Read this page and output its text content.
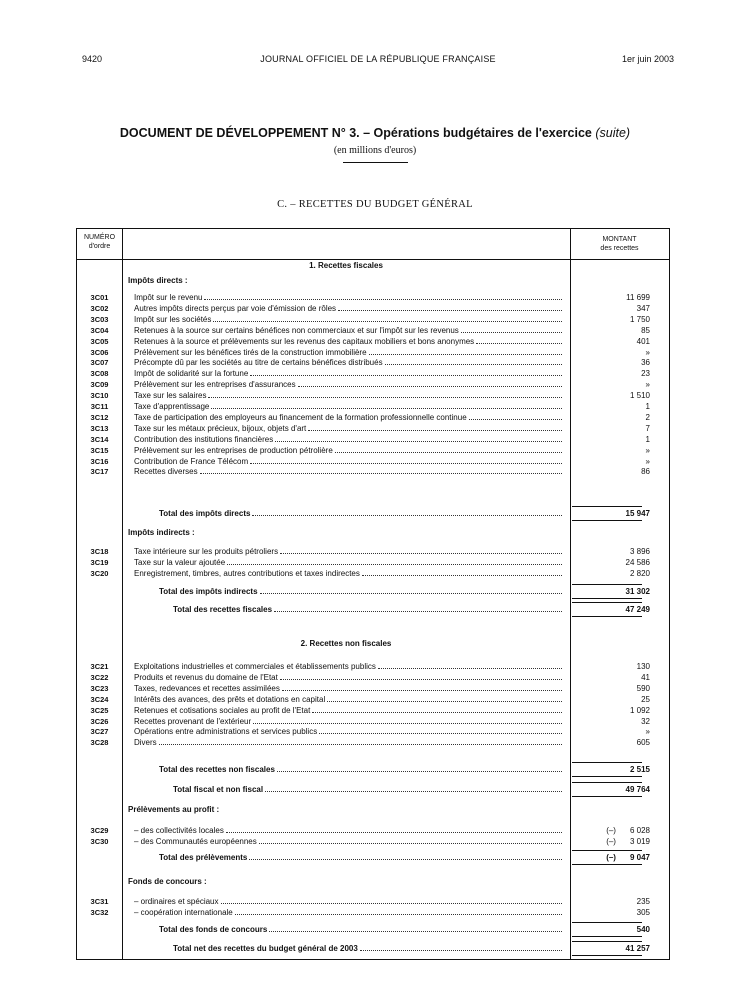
9420	JOURNAL OFFICIEL DE LA RÉPUBLIQUE FRANÇAISE	1er juin 2003
DOCUMENT DE DÉVELOPPEMENT N° 3. – Opérations budgétaires de l'exercice (suite)
(en millions d'euros)
C. – RECETTES DU BUDGET GÉNÉRAL
NUMÉRO
d'ordre
MONTANT
des recettes
1. Recettes fiscales
Impôts directs :
3C01	Impôt sur le revenu	11 699
3C02	Autres impôts directs perçus par voie d'émission de rôles	347
3C03	Impôt sur les sociétés	1 750
3C04	Retenues à la source sur certains bénéfices non commerciaux et sur l'impôt sur les revenus	85
3C05	Retenues à la source et prélèvements sur les revenus des capitaux mobiliers et bons anonymes	401
3C06	Prélèvement sur les bénéfices tirés de la construction immobilière	»
3C07	Précompte dû par les sociétés au titre de certains bénéfices distribués	36
3C08	Impôt de solidarité sur la fortune	23
3C09	Prélèvement sur les entreprises d'assurances	»
3C10	Taxe sur les salaires	1 510
3C11	Taxe d'apprentissage	1
3C12	Taxe de participation des employeurs au financement de la formation professionnelle continue	2
3C13	Taxe sur les métaux précieux, bijoux, objets d'art	7
3C14	Contribution des institutions financières	1
3C15	Prélèvement sur les entreprises de production pétrolière	»
3C16	Contribution de France Télécom	»
3C17	Recettes diverses	86
Total des impôts directs	15 947
Impôts indirects :
3C18	Taxe intérieure sur les produits pétroliers	3 896
3C19	Taxe sur la valeur ajoutée	24 586
3C20	Enregistrement, timbres, autres contributions et taxes indirectes	2 820
Total des impôts indirects	31 302
Total des recettes fiscales	47 249
2. Recettes non fiscales
3C21	Exploitations industrielles et commerciales et établissements publics	130
3C22	Produits et revenus du domaine de l'Etat	41
3C23	Taxes, redevances et recettes assimilées	590
3C24	Intérêts des avances, des prêts et dotations en capital	25
3C25	Retenues et cotisations sociales au profit de l'Etat	1 092
3C26	Recettes provenant de l'extérieur	32
3C27	Opérations entre administrations et services publics	»
3C28	Divers	605
Total des recettes non fiscales	2 515
Total fiscal et non fiscal	49 764
Prélèvements au profit :
3C29	– des collectivités locales	(–) 6 028
3C30	– des Communautés européennes	(–) 3 019
Total des prélèvements	(–) 9 047
Fonds de concours :
3C31	– ordinaires et spéciaux	235
3C32	– coopération internationale	305
Total des fonds de concours	540
Total net des recettes du budget général de 2003	41 257
